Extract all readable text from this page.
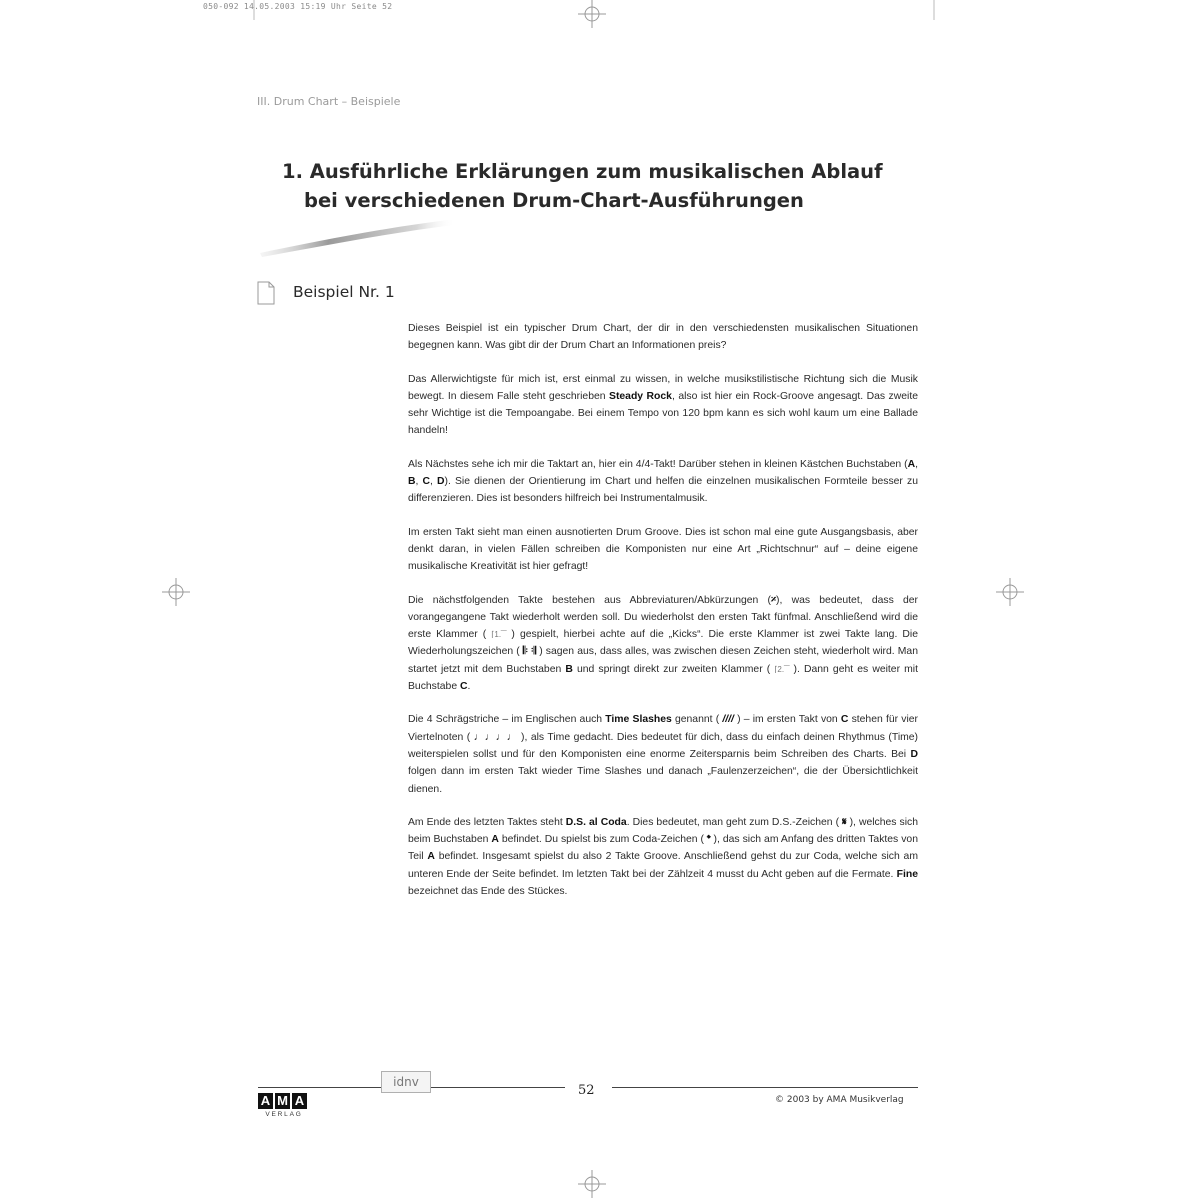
050-092 14.05.2003 15:19 Uhr Seite 52
III. Drum Chart – Beispiele
1. Ausführliche Erklärungen zum musikalischen Ablauf
bei verschiedenen Drum-Chart-Ausführungen
Beispiel Nr. 1

Dieses Beispiel ist ein typischer Drum Chart, der dir in den verschiedensten musikalischen Situationen begegnen kann. Was gibt dir der Drum Chart an Informationen preis?

Das Allerwichtigste für mich ist, erst einmal zu wissen, in welche musikstilistische Richtung sich die Musik bewegt. In diesem Falle steht geschrieben Steady Rock, also ist hier ein Rock-Groove angesagt. Das zweite sehr Wichtige ist die Tempoangabe. Bei einem Tempo von 120 bpm kann es sich wohl kaum um eine Ballade handeln!

Als Nächstes sehe ich mir die Taktart an, hier ein 4/4-Takt! Darüber stehen in kleinen Kästchen Buchstaben (A, B, C, D). Sie dienen der Orientierung im Chart und helfen die einzelnen musikalischen Formteile besser zu differenzieren. Dies ist besonders hilfreich bei Instrumentalmusik.

Im ersten Takt sieht man einen ausnotierten Drum Groove. Dies ist schon mal eine gute Ausgangsbasis, aber denkt daran, in vielen Fällen schreiben die Komponisten nur eine Art „Richtschnur“ auf – deine eigene musikalische Kreativität ist hier gefragt!

Die nächstfolgenden Takte bestehen aus Abbreviaturen/Abkürzungen (𝄎), was bedeutet, dass der vorangegangene Takt wiederholt werden soll. Du wiederholst den ersten Takt fünfmal. Anschließend wird die erste Klammer ( ⌈1.‾‾ ) gespielt, hierbei achte auf die „Kicks“. Die erste Klammer ist zwei Takte lang. Die Wiederholungszeichen ( 𝄆 𝄇 ) sagen aus, dass alles, was zwischen diesen Zeichen steht, wiederholt wird. Man startet jetzt mit dem Buchstaben B und springt direkt zur zweiten Klammer ( ⌈2.‾‾ ). Dann geht es weiter mit Buchstabe C.

Die 4 Schrägstriche – im Englischen auch Time Slashes genannt ( //// ) – im ersten Takt von C stehen für vier Viertelnoten ( ♩♩♩♩ ), als Time gedacht. Dies bedeutet für dich, dass du einfach deinen Rhythmus (Time) weiterspielen sollst und für den Komponisten eine enorme Zeitersparnis beim Schreiben des Charts. Bei D folgen dann im ersten Takt wieder Time Slashes und danach „Faulenzerzeichen“, die der Übersichtlichkeit dienen.

Am Ende des letzten Taktes steht D.S. al Coda. Dies bedeutet, man geht zum D.S.-Zeichen ( 𝄋 ), welches sich beim Buchstaben A befindet. Du spielst bis zum Coda-Zeichen ( 𝄌 ), das sich am Anfang des dritten Taktes von Teil A befindet. Insgesamt spielst du also 2 Takte Groove. Anschließend gehst du zur Coda, welche sich am unteren Ende der Seite befindet. Im letzten Takt bei der Zählzeit 4 musst du Acht geben auf die Fermate. Fine bezeichnet das Ende des Stückes.

idnv
52
© 2003 by AMA Musikverlag
A M A
VERLAG
